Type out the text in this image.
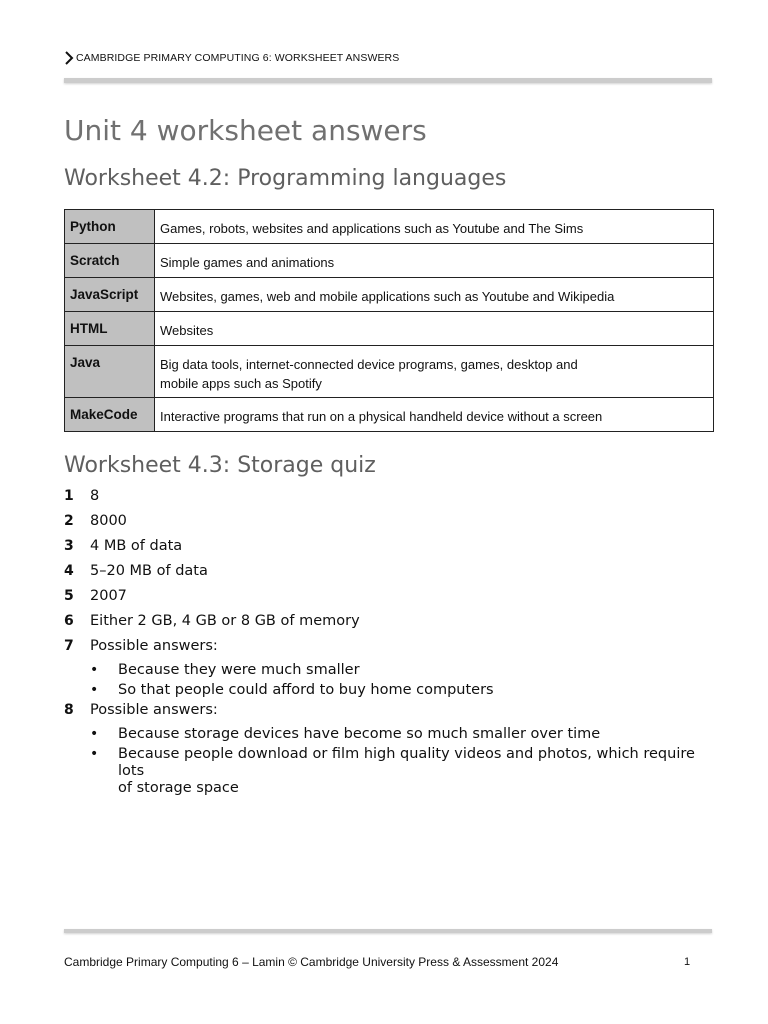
CAMBRIDGE PRIMARY COMPUTING 6: WORKSHEET ANSWERS
Unit 4 worksheet answers
Worksheet 4.2: Programming languages
Python	Games, robots, websites and applications such as Youtube and The Sims
Scratch	Simple games and animations
JavaScript	Websites, games, web and mobile applications such as Youtube and Wikipedia
HTML	Websites
Java	Big data tools, internet-connected device programs, games, desktop and
mobile apps such as Spotify
MakeCode	Interactive programs that run on a physical handheld device without a screen
Worksheet 4.3: Storage quiz
1	8
2	8000
3	4 MB of data
4	5–20 MB of data
5	2007
6	Either 2 GB, 4 GB or 8 GB of memory
7	Possible answers:
•	Because they were much smaller
•	So that people could afford to buy home computers
8	Possible answers:
•	Because storage devices have become so much smaller over time
•	Because people download or film high quality videos and photos, which require lots
of storage space
Cambridge Primary Computing 6 – Lamin © Cambridge University Press & Assessment 2024	1
